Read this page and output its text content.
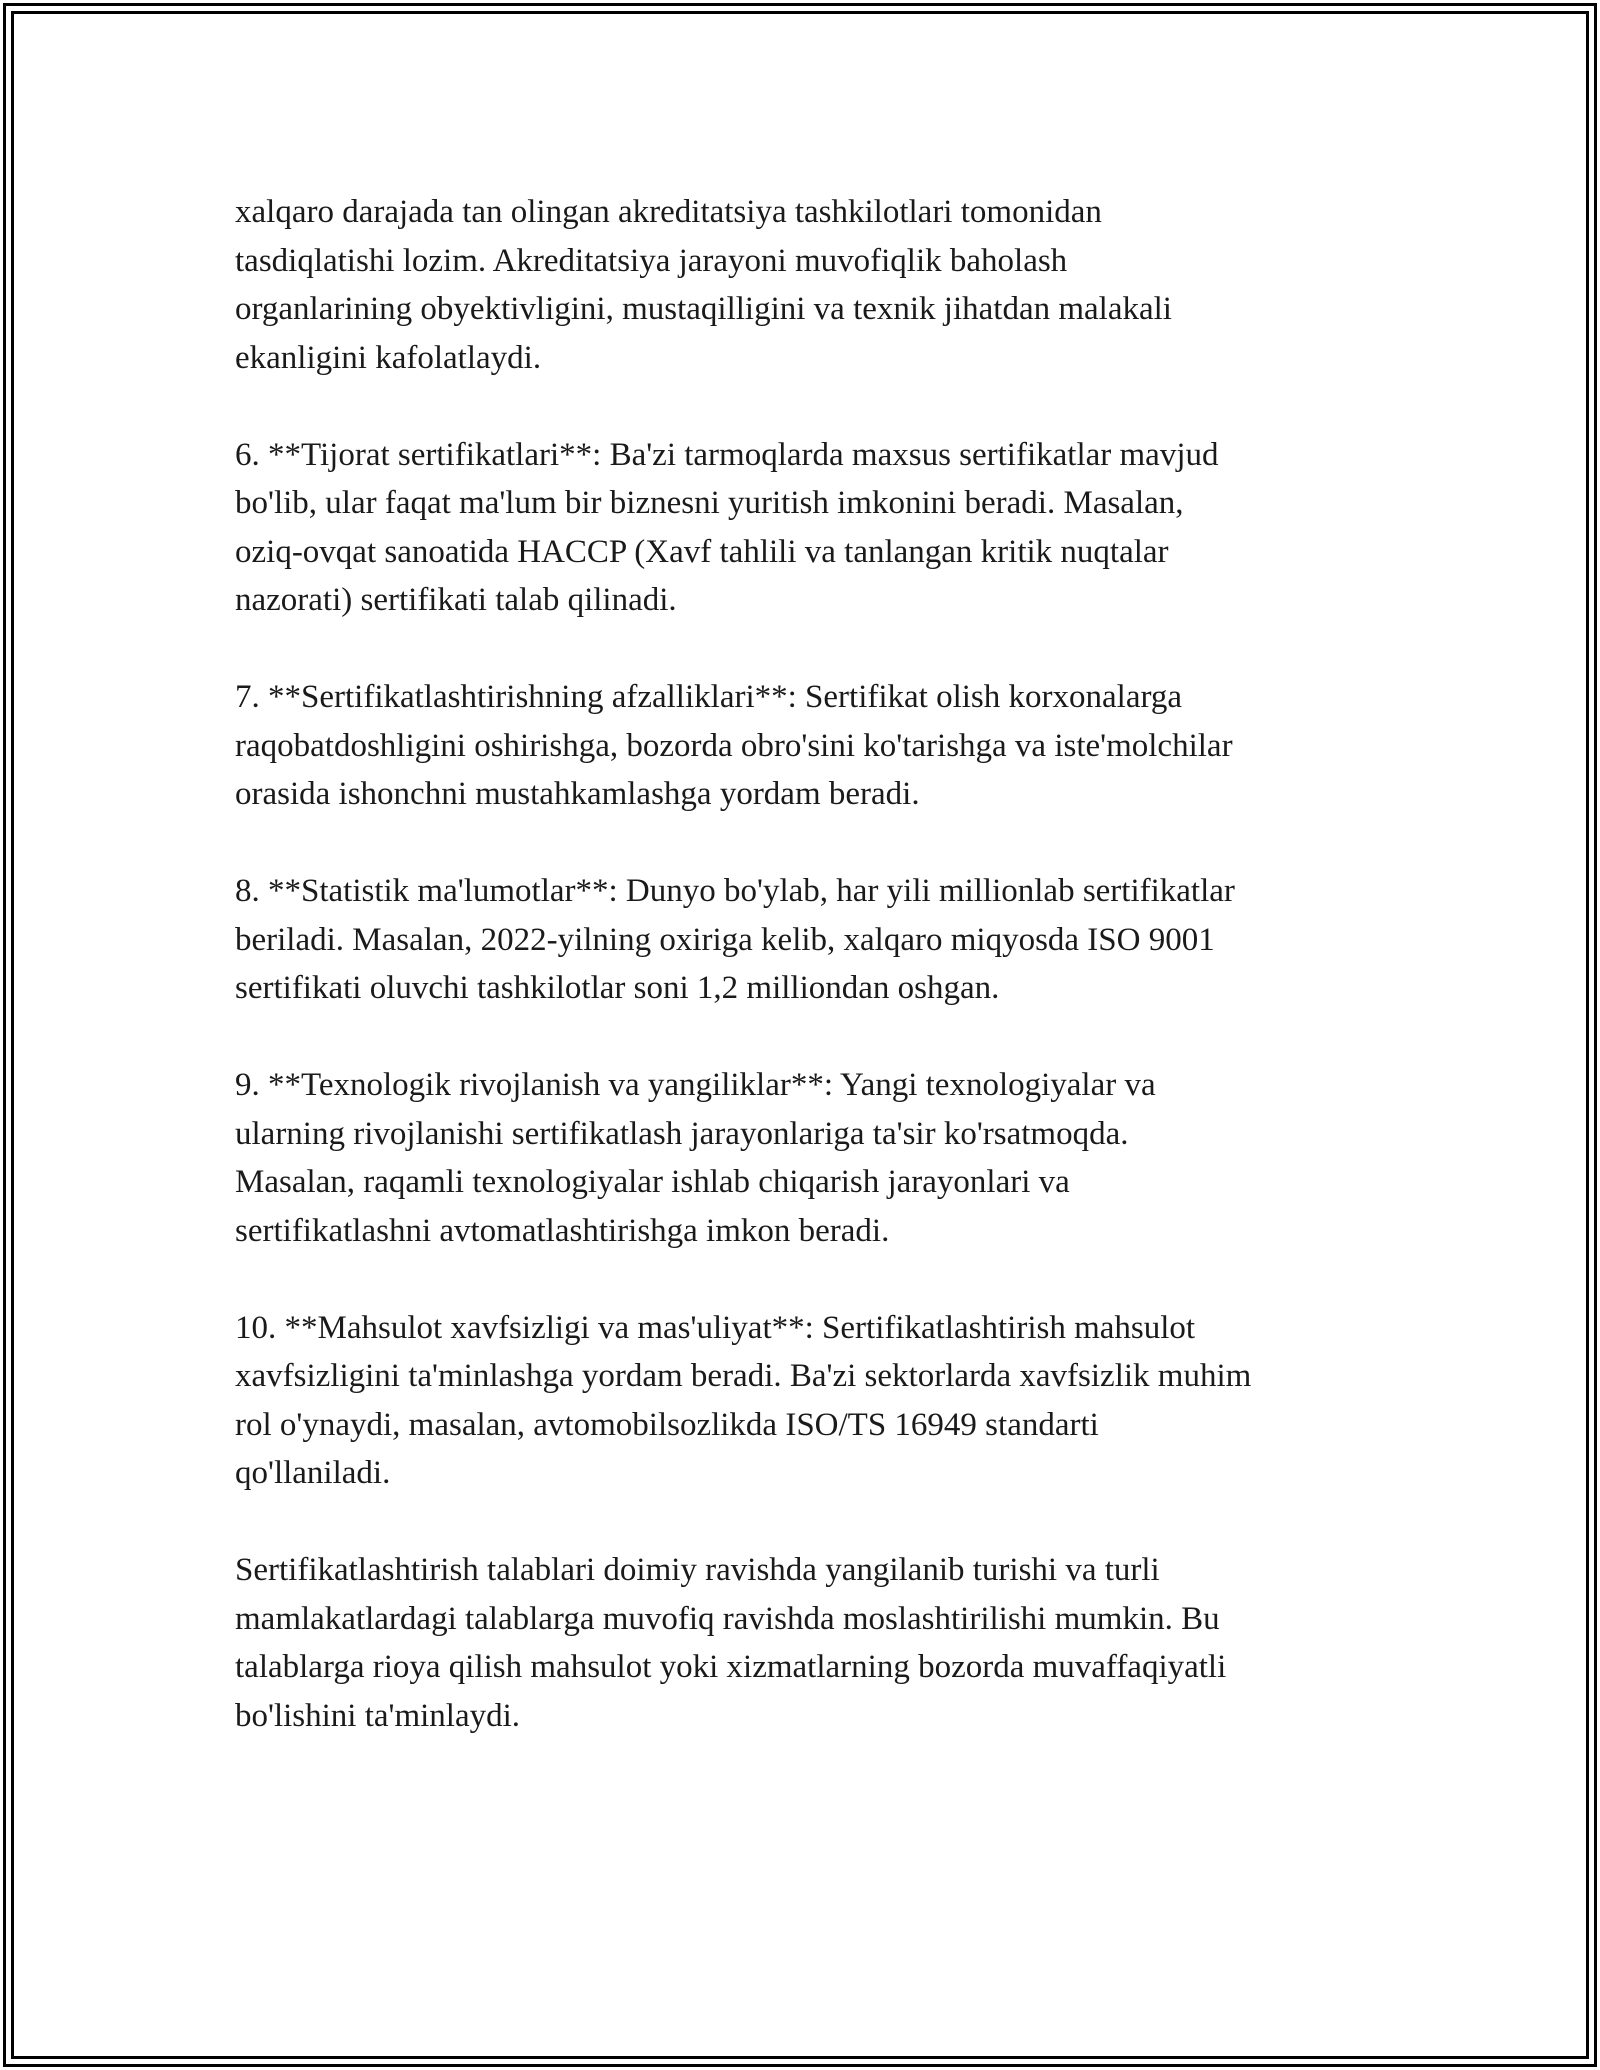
xalqaro darajada tan olingan akreditatsiya tashkilotlari tomonidan
tasdiqlatishi lozim. Akreditatsiya jarayoni muvofiqlik baholash
organlarining obyektivligini, mustaqilligini va texnik jihatdan malakali
ekanligini kafolatlaydi.

6. **Tijorat sertifikatlari**: Ba'zi tarmoqlarda maxsus sertifikatlar mavjud
bo'lib, ular faqat ma'lum bir biznesni yuritish imkonini beradi. Masalan,
oziq-ovqat sanoatida HACCP (Xavf tahlili va tanlangan kritik nuqtalar
nazorati) sertifikati talab qilinadi.

7. **Sertifikatlashtirishning afzalliklari**: Sertifikat olish korxonalarga
raqobatdoshligini oshirishga, bozorda obro'sini ko'tarishga va iste'molchilar
orasida ishonchni mustahkamlashga yordam beradi.

8. **Statistik ma'lumotlar**: Dunyo bo'ylab, har yili millionlab sertifikatlar
beriladi. Masalan, 2022-yilning oxiriga kelib, xalqaro miqyosda ISO 9001
sertifikati oluvchi tashkilotlar soni 1,2 milliondan oshgan.

9. **Texnologik rivojlanish va yangiliklar**: Yangi texnologiyalar va
ularning rivojlanishi sertifikatlash jarayonlariga ta'sir ko'rsatmoqda.
Masalan, raqamli texnologiyalar ishlab chiqarish jarayonlari va
sertifikatlashni avtomatlashtirishga imkon beradi.

10. **Mahsulot xavfsizligi va mas'uliyat**: Sertifikatlashtirish mahsulot
xavfsizligini ta'minlashga yordam beradi. Ba'zi sektorlarda xavfsizlik muhim
rol o'ynaydi, masalan, avtomobilsozlikda ISO/TS 16949 standarti
qo'llaniladi.

Sertifikatlashtirish talablari doimiy ravishda yangilanib turishi va turli
mamlakatlardagi talablarga muvofiq ravishda moslashtirilishi mumkin. Bu
talablarga rioya qilish mahsulot yoki xizmatlarning bozorda muvaffaqiyatli
bo'lishini ta'minlaydi.
